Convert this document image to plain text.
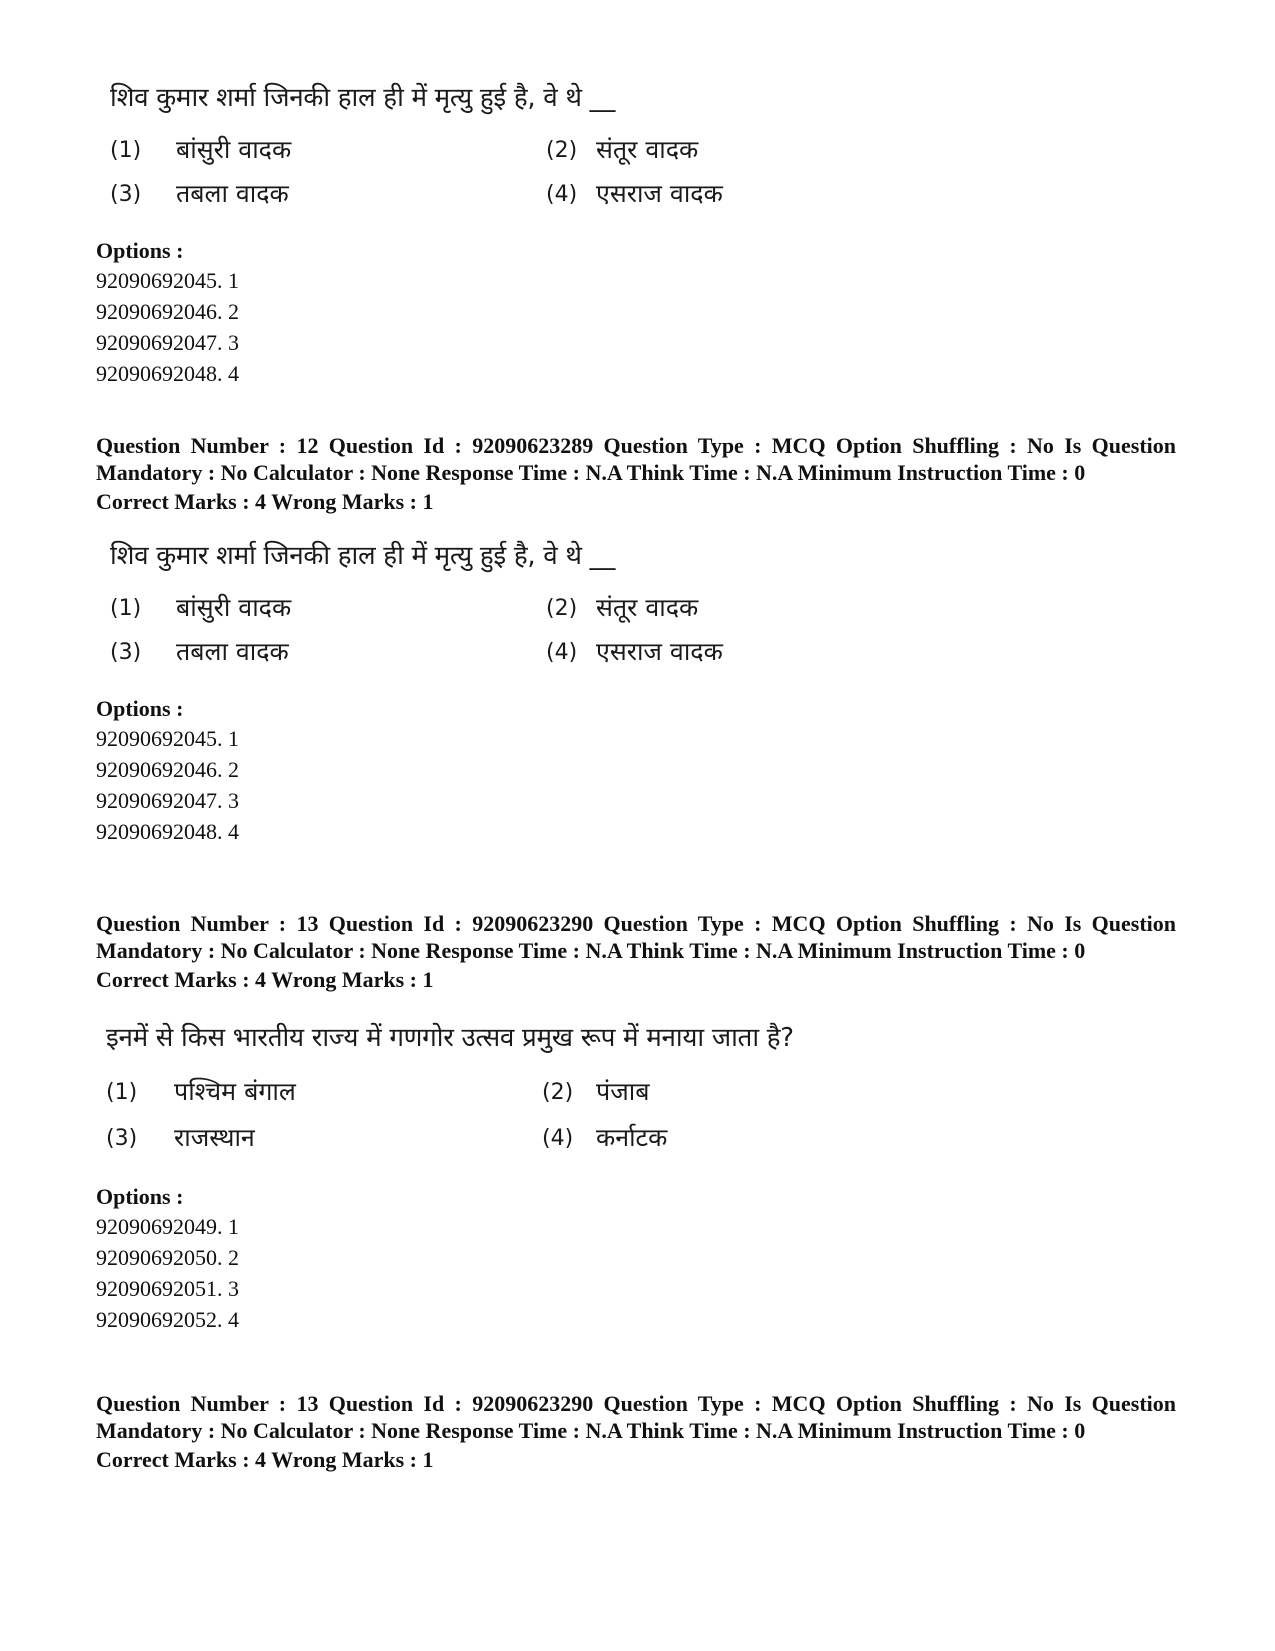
शिव कुमार शर्मा जिनकी हाल ही में मृत्यु हुई है, वे थे __
(1) बांसुरी वादक	(2) संतूर वादक
(3) तबला वादक	(4) एसराज वादक
Options :
92090692045. 1
92090692046. 2
92090692047. 3
92090692048. 4
Question Number : 12 Question Id : 92090623289 Question Type : MCQ Option Shuffling : No Is Question Mandatory : No Calculator : None Response Time : N.A Think Time : N.A Minimum Instruction Time : 0
Correct Marks : 4 Wrong Marks : 1
शिव कुमार शर्मा जिनकी हाल ही में मृत्यु हुई है, वे थे __
(1) बांसुरी वादक	(2) संतूर वादक
(3) तबला वादक	(4) एसराज वादक
Options :
92090692045. 1
92090692046. 2
92090692047. 3
92090692048. 4
Question Number : 13 Question Id : 92090623290 Question Type : MCQ Option Shuffling : No Is Question Mandatory : No Calculator : None Response Time : N.A Think Time : N.A Minimum Instruction Time : 0
Correct Marks : 4 Wrong Marks : 1
इनमें से किस भारतीय राज्य में गणगोर उत्सव प्रमुख रूप में मनाया जाता है?
(1) पश्चिम बंगाल	(2) पंजाब
(3) राजस्थान	(4) कर्नाटक
Options :
92090692049. 1
92090692050. 2
92090692051. 3
92090692052. 4
Question Number : 13 Question Id : 92090623290 Question Type : MCQ Option Shuffling : No Is Question Mandatory : No Calculator : None Response Time : N.A Think Time : N.A Minimum Instruction Time : 0
Correct Marks : 4 Wrong Marks : 1
